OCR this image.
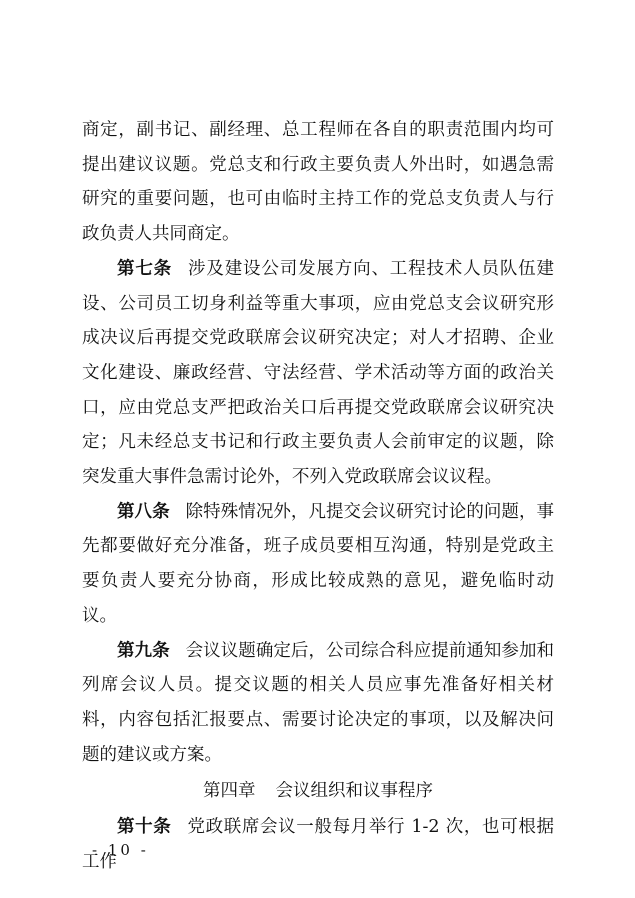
商定，副书记、副经理、总工程师在各自的职责范围内均可提出建议议题。党总支和行政主要负责人外出时，如遇急需研究的重要问题，也可由临时主持工作的党总支负责人与行政负责人共同商定。

第七条 涉及建设公司发展方向、工程技术人员队伍建设、公司员工切身利益等重大事项，应由党总支会议研究形成决议后再提交党政联席会议研究决定；对人才招聘、企业文化建设、廉政经营、守法经营、学术活动等方面的政治关口，应由党总支严把政治关口后再提交党政联席会议研究决定；凡未经总支书记和行政主要负责人会前审定的议题，除突发重大事件急需讨论外，不列入党政联席会议议程。

第八条 除特殊情况外，凡提交会议研究讨论的问题，事先都要做好充分准备，班子成员要相互沟通，特别是党政主要负责人要充分协商，形成比较成熟的意见，避免临时动议。

第九条 会议议题确定后，公司综合科应提前通知参加和列席会议人员。提交议题的相关人员应事先准备好相关材料，内容包括汇报要点、需要讨论决定的事项，以及解决问题的建议或方案。

第四章 会议组织和议事程序

第十条 党政联席会议一般每月举行 1-2 次，也可根据工作

- 10 -
